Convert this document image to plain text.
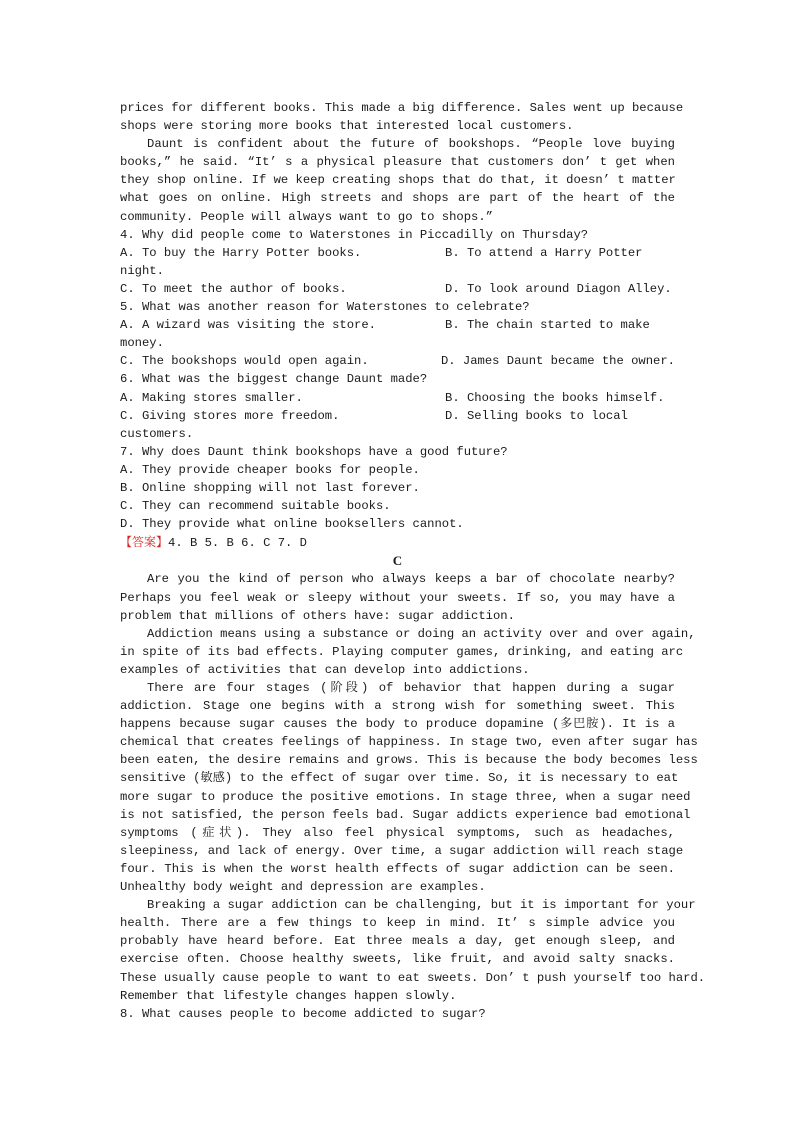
prices for different books. This made a big difference. Sales went up because
shops were storing more books that interested local customers.
Daunt is confident about the future of bookshops. “People love buying
books,” he said. “It’ s a physical pleasure that customers don’ t get when
they shop online. If we keep creating shops that do that, it doesn’ t matter
what goes on online. High streets and shops are part of the heart of the
community. People will always want to go to shops.”
4. Why did people come to Waterstones in Piccadilly on Thursday?
A. To buy the Harry Potter books.	B. To attend a Harry Potter
night.
C. To meet the author of books.	D. To look around Diagon Alley.
5. What was another reason for Waterstones to celebrate?
A. A wizard was visiting the store.	B. The chain started to make
money.
C. The bookshops would open again.	D. James Daunt became the owner.
6. What was the biggest change Daunt made?
A. Making stores smaller.	B. Choosing the books himself.
C. Giving stores more freedom.	D. Selling books to local
customers.
7. Why does Daunt think bookshops have a good future?
A. They provide cheaper books for people.
B. Online shopping will not last forever.
C. They can recommend suitable books.
D. They provide what online booksellers cannot.
【答案】4. B 5. B 6. C 7. D
C
Are you the kind of person who always keeps a bar of chocolate nearby?
Perhaps you feel weak or sleepy without your sweets. If so, you may have a
problem that millions of others have: sugar addiction.
Addiction means using a substance or doing an activity over and over again,
in spite of its bad effects. Playing computer games, drinking, and eating arc
examples of activities that can develop into addictions.
There are four stages (阶段) of behavior that happen during a sugar
addiction. Stage one begins with a strong wish for something sweet. This
happens because sugar causes the body to produce dopamine (多巴胺). It is a
chemical that creates feelings of happiness. In stage two, even after sugar has
been eaten, the desire remains and grows. This is because the body becomes less
sensitive (敏感) to the effect of sugar over time. So, it is necessary to eat
more sugar to produce the positive emotions. In stage three, when a sugar need
is not satisfied, the person feels bad. Sugar addicts experience bad emotional
symptoms (症状). They also feel physical symptoms, such as headaches,
sleepiness, and lack of energy. Over time, a sugar addiction will reach stage
four. This is when the worst health effects of sugar addiction can be seen.
Unhealthy body weight and depression are examples.
Breaking a sugar addiction can be challenging, but it is important for your
health. There are a few things to keep in mind. It’ s simple advice you
probably have heard before. Eat three meals a day, get enough sleep, and
exercise often. Choose healthy sweets, like fruit, and avoid salty snacks.
These usually cause people to want to eat sweets. Don’ t push yourself too hard.
Remember that lifestyle changes happen slowly.
8. What causes people to become addicted to sugar?
